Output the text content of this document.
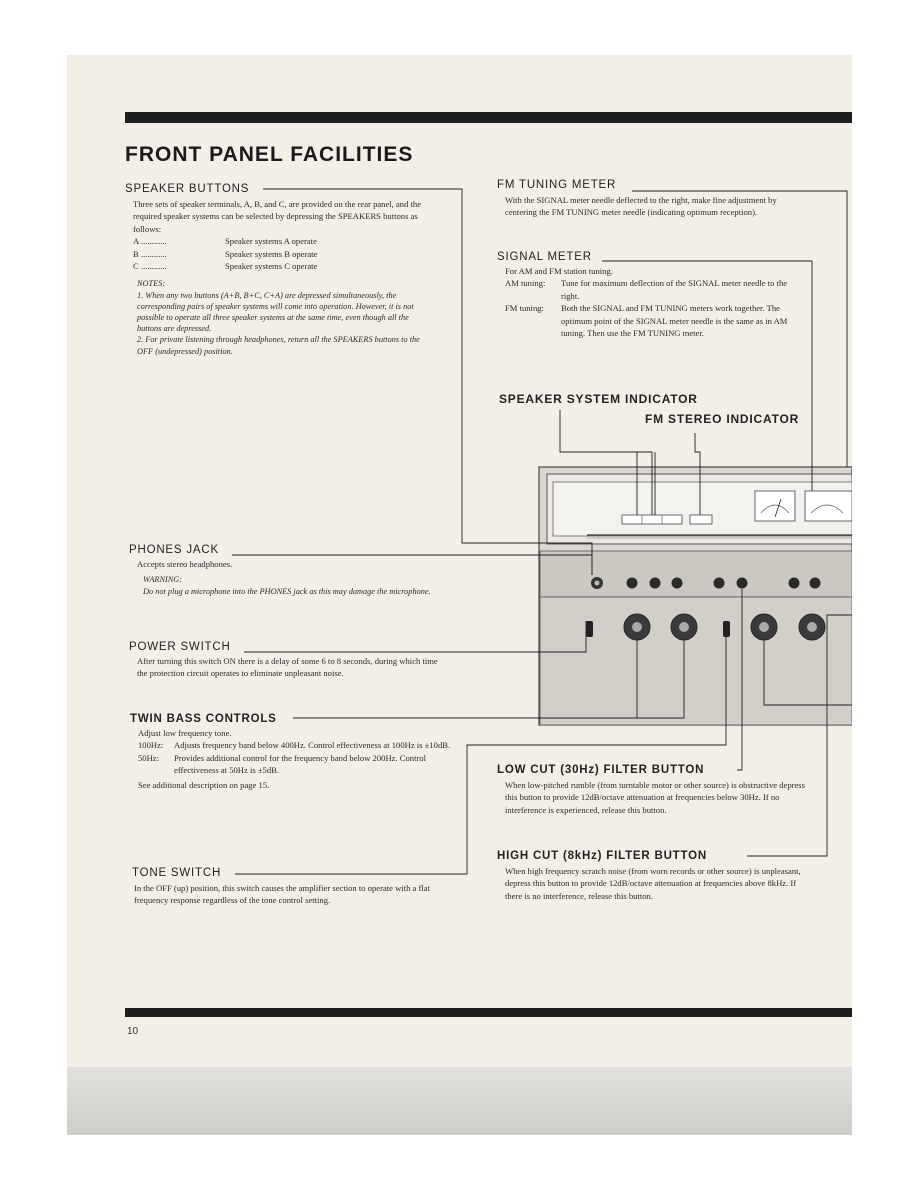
FRONT PANEL FACILITIES
SPEAKER BUTTONS
Three sets of speaker terminals, A, B, and C, are provided on the rear panel, and the required speaker systems can be selected by depressing the SPEAKERS buttons as follows:
A ............	Speaker systems A operate
B ............	Speaker systems B operate
C ............	Speaker systems C operate
NOTES:
1. When any two buttons (A+B, B+C, C+A) are depressed simultaneously, the corresponding pairs of speaker systems will come into operation. However, it is not possible to operate all three speaker systems at the same time, even though all the buttons are depressed.
2. For private listening through headphones, return all the SPEAKERS buttons to the OFF (undepressed) position.
PHONES JACK
Accepts stereo headphones.
WARNING:
Do not plug a microphone into the PHONES jack as this may damage the microphone.
POWER SWITCH
After turning this switch ON there is a delay of some 6 to 8 seconds, during which time the protection circuit operates to eliminate unpleasant noise.
TWIN BASS CONTROLS
Adjust low frequency tone.
100Hz:	Adjusts frequency band below 400Hz. Control effectiveness at 100Hz is ±10dB.
50Hz:	Provides additional control for the frequency band below 200Hz. Control effectiveness at 50Hz is ±5dB.
See additional description on page 15.
TONE SWITCH
In the OFF (up) position, this switch causes the amplifier section to operate with a flat frequency response regardless of the tone control setting.
FM TUNING METER
With the SIGNAL meter needle deflected to the right, make fine adjustment by centering the FM TUNING meter needle (indicating optimum reception).
SIGNAL METER
For AM and FM station tuning.
AM tuning:	Tune for maximum deflection of the SIGNAL meter needle to the right.
FM tuning:	Both the SIGNAL and FM TUNING meters work together. The optimum point of the SIGNAL meter needle is the same as in AM tuning. Then use the FM TUNING meter.
SPEAKER SYSTEM INDICATOR
FM STEREO INDICATOR
LOW CUT (30Hz) FILTER BUTTON
When low-pitched rumble (from turntable motor or other source) is obstructive depress this button to provide 12dB/octave attenuation at frequencies below 30Hz. If no interference is experienced, release this button.
HIGH CUT (8kHz) FILTER BUTTON
When high frequency scratch noise (from worn records or other source) is unpleasant, depress this button to provide 12dB/octave attenuation at frequencies above 8kHz. If there is no interference, release this button.
10
